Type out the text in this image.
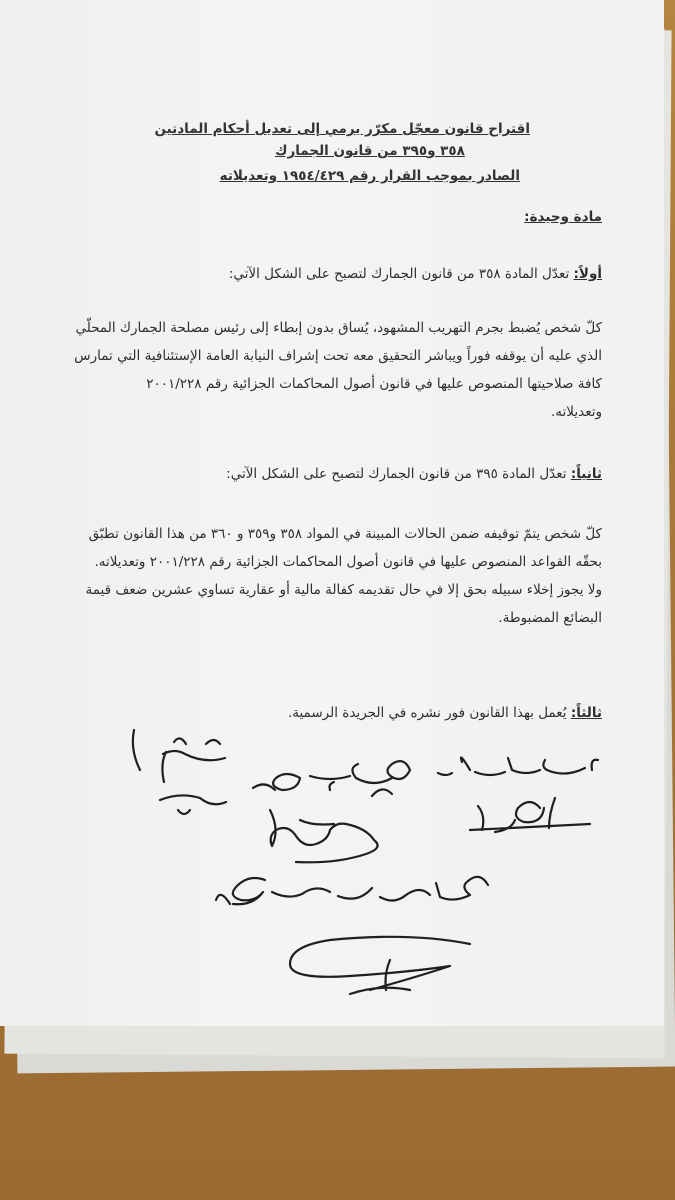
اقتراح قانون معجّل مكرّر يرمي إلى تعديل أحكام المادتين
٣٥٨ و٣٩٥ من قانون الجمارك
الصادر بموجب القرار رقم ١٩٥٤/٤٢٩ وتعديلاته
مادة وحيدة:
أولاً: تعدّل المادة ٣٥٨ من قانون الجمارك لتصبح على الشكل الآتي:
كلّ شخص يُضبط بجرم التهريب المشهود، يُساق بدون إبطاء إلى رئيس مصلحة الجمارك المحلّي
الذي عليه أن يوقفه فوراً ويباشر التحقيق معه تحت إشراف النيابة العامة الإستئنافية التي تمارس
كافة صلاحيتها المنصوص عليها في قانون أصول المحاكمات الجزائية رقم ٢٠٠١/٢٢٨
وتعديلاته.
ثانياً: تعدّل المادة ٣٩٥ من قانون الجمارك لتصبح على الشكل الآتي:
كلّ شخص يتمّ توقيفه ضمن الحالات المبينة في المواد ٣٥٨ و٣٥٩ و ٣٦٠ من هذا القانون تطبّق
بحقّه القواعد المنصوص عليها في قانون أصول المحاكمات الجزائية رقم ٢٠٠١/٢٢٨ وتعديلاته.
ولا يجوز إخلاء سبيله بحق إلا في حال تقديمه كفالة مالية أو عقارية تساوي عشرين ضعف قيمة
البضائع المضبوطة.
ثالثاً: يُعمل بهذا القانون فور نشره في الجريدة الرسمية.
